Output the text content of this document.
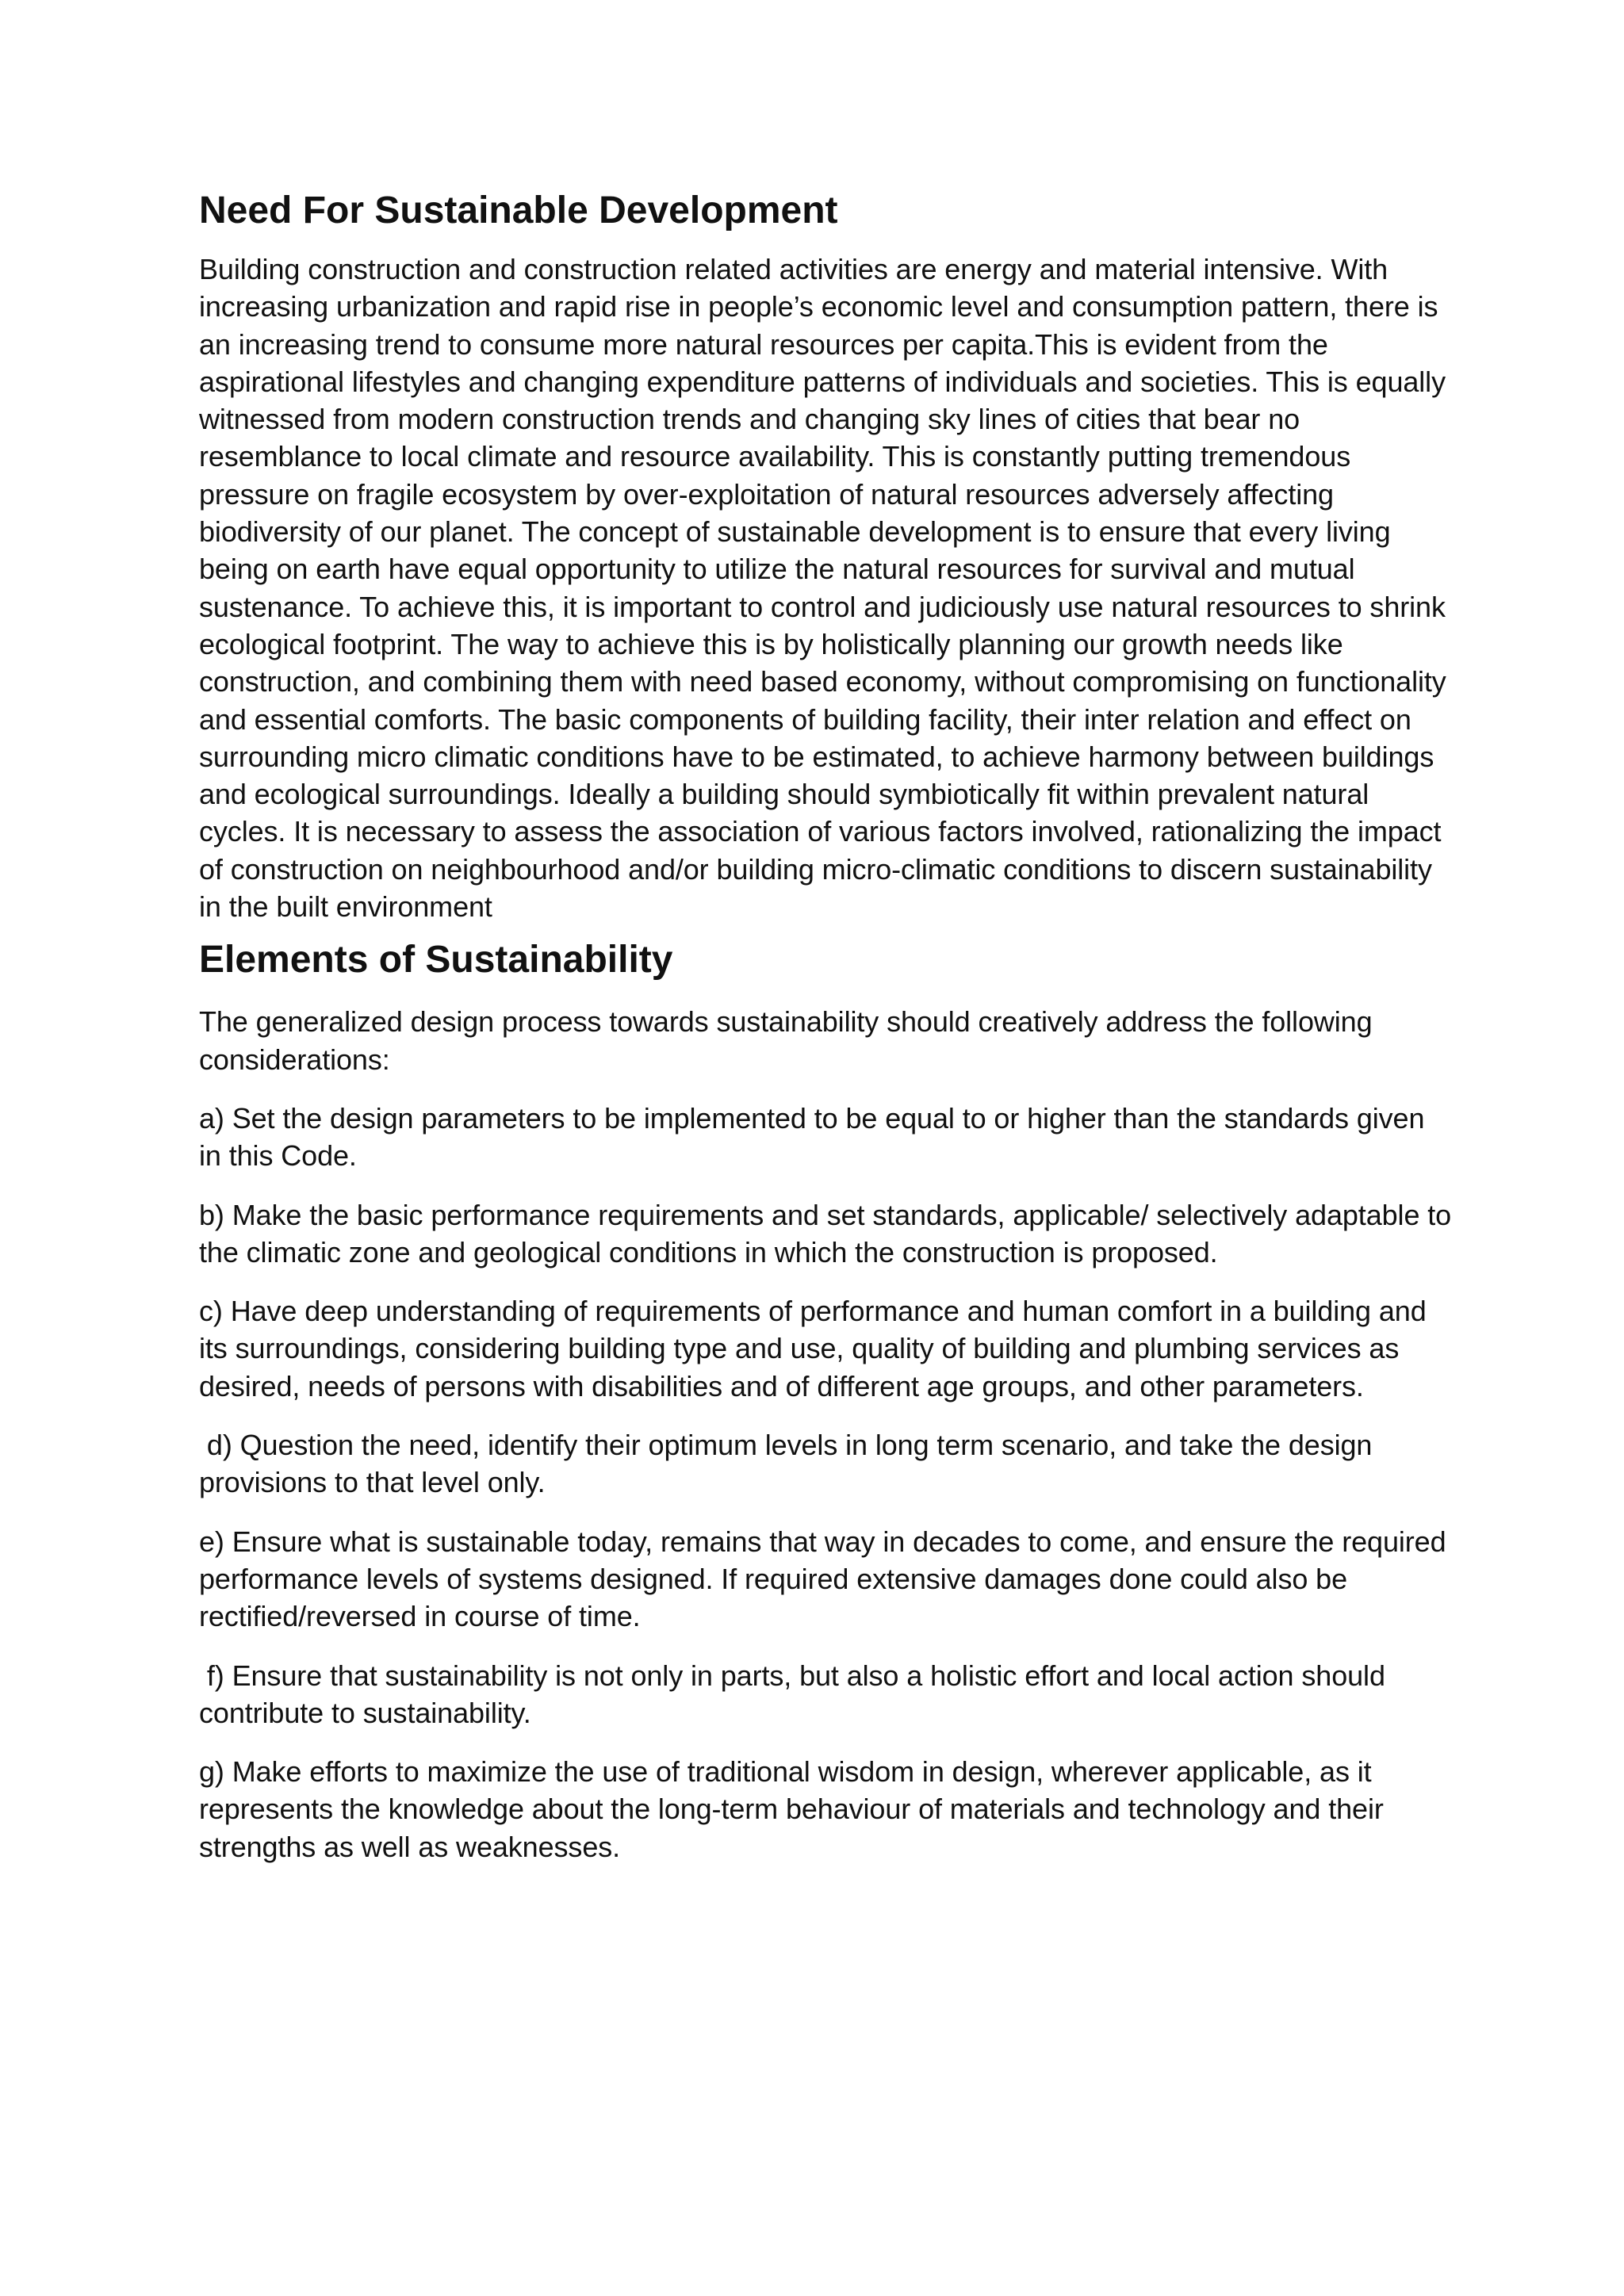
Need For Sustainable Development

Building construction and construction related activities are energy and material intensive. With increasing urbanization and rapid rise in people’s economic level and consumption pattern, there is an increasing trend to consume more natural resources per capita.This is evident from the aspirational lifestyles and changing expenditure patterns of individuals and societies. This is equally witnessed from modern construction trends and changing sky lines of cities that bear no resemblance to local climate and resource availability. This is constantly putting tremendous pressure on fragile ecosystem by over-exploitation of natural resources adversely affecting biodiversity of our planet. The concept of sustainable development is to ensure that every living being on earth have equal opportunity to utilize the natural resources for survival and mutual sustenance. To achieve this, it is important to control and judiciously use natural resources to shrink ecological footprint. The way to achieve this is by holistically planning our growth needs like construction, and combining them with need based economy, without compromising on functionality and essential comforts. The basic components of building facility, their inter relation and effect on surrounding micro climatic conditions have to be estimated, to achieve harmony between buildings and ecological surroundings. Ideally a building should symbiotically fit within prevalent natural cycles. It is necessary to assess the association of various factors involved, rationalizing the impact of construction on neighbourhood and/or building micro-climatic conditions to discern sustainability in the built environment

Elements of Sustainability

The generalized design process towards sustainability should creatively address the following considerations:

a) Set the design parameters to be implemented to be equal to or higher than the standards given in this Code.

b) Make the basic performance requirements and set standards, applicable/ selectively adaptable to the climatic zone and geological conditions in which the construction is proposed.

c) Have deep understanding of requirements of performance and human comfort in a building and its surroundings, considering building type and use, quality of building and plumbing services as desired, needs of persons with disabilities and of different age groups, and other parameters.

d) Question the need, identify their optimum levels in long term scenario, and take the design provisions to that level only.

e) Ensure what is sustainable today, remains that way in decades to come, and ensure the required        performance levels of systems designed. If required extensive damages done could also be rectified/reversed in course of time.

f) Ensure that sustainability is not only in parts, but also a holistic effort and local action should contribute to sustainability.

g) Make efforts to maximize the use of traditional wisdom in design, wherever applicable, as it represents the knowledge about the long-term behaviour of materials and technology and their strengths as well as weaknesses.
